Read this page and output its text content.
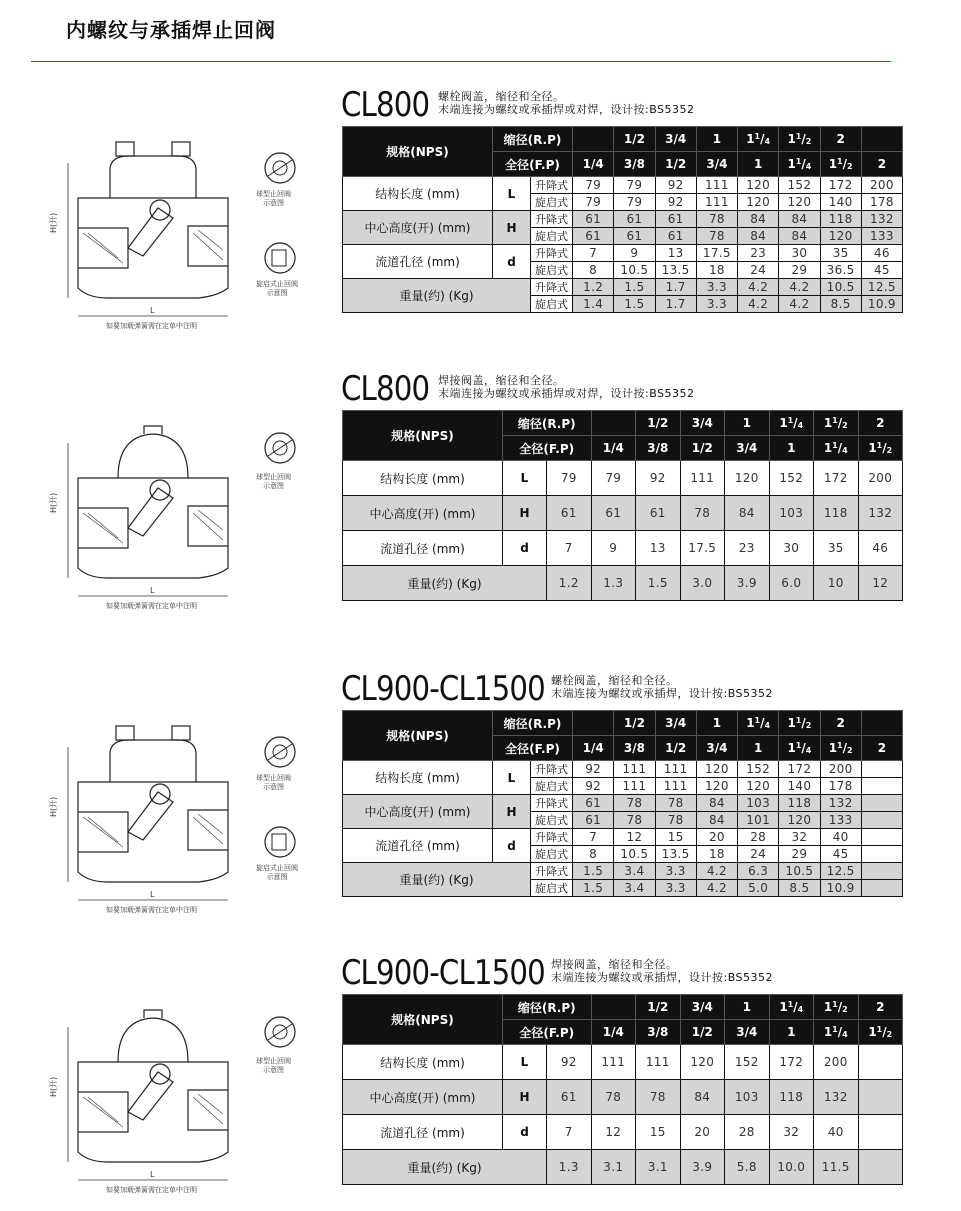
内螺纹与承插焊止回阀
CL800 螺栓阀盖，缩径和全径。
末端连接为螺纹或承插焊或对焊，设计按:BS5352
H(开)
L
球型止回阀
示意图
旋启式止回阀
示意图
如要加载弹簧需在定单中注明
规格(NPS)	缩径(R.P)			1/2	3/4	1	$1^1/_4$	$1^1/_2$	2	
	全径(F.P)		1/4	3/8	1/2	3/4	1	$1^1/_4$	$1^1/_2$	2
结构长度 (mm)	L	升降式	79	79	92	111	120	152	172	200
		旋启式	79	79	92	111	120	120	140	178
中心高度(开) (mm)	H	升降式	61	61	61	78	84	84	118	132
		旋启式	61	61	61	78	84	84	120	133
流道孔径 (mm)	d	升降式	7	9	13	17.5	23	30	35	46
		旋启式	8	10.5	13.5	18	24	29	36.5	45
重量(约) (Kg)		升降式	1.2	1.5	1.7	3.3	4.2	4.2	10.5	12.5
		旋启式	1.4	1.5	1.7	3.3	4.2	4.2	8.5	10.9
CL800 焊接阀盖，缩径和全径。
末端连接为螺纹或承插焊或对焊，设计按:BS5352
H(开)
L
球型止回阀
示意图
如要加载弹簧需在定单中注明
规格(NPS)	缩径(R.P)			1/2	3/4	1	$1^1/_4$	$1^1/_2$	2	
	全径(F.P)		1/4	3/8	1/2	3/4	1	$1^1/_4$	$1^1/_2$	
结构长度 (mm)	L	79	79	92	111	120	152	172	200	
中心高度(开) (mm)	H	61	61	61	78	84	103	118	132	
流道孔径 (mm)	d	7	9	13	17.5	23	30	35	46	
重量(约) (Kg)		1.2	1.3	1.5	3.0	3.9	6.0	10	12	
CL900-CL1500 螺栓阀盖，缩径和全径。
末端连接为螺纹或承插焊，设计按:BS5352
H(开)
L
球型止回阀
示意图
旋启式止回阀
示意图
如要加载弹簧需在定单中注明
规格(NPS)	缩径(R.P)			1/2	3/4	1	$1^1/_4$	$1^1/_2$	2	
	全径(F.P)		1/4	3/8	1/2	3/4	1	$1^1/_4$	$1^1/_2$	2
结构长度 (mm)	L	升降式	92	111	111	120	152	172	200	
		旋启式	92	111	111	120	120	140	178	
中心高度(开) (mm)	H	升降式	61	78	78	84	103	118	132	
		旋启式	61	78	78	84	101	120	133	
流道孔径 (mm)	d	升降式	7	12	15	20	28	32	40	
		旋启式	8	10.5	13.5	18	24	29	45	
重量(约) (Kg)		升降式	1.5	3.4	3.3	4.2	6.3	10.5	12.5	
		旋启式	1.5	3.4	3.3	4.2	5.0	8.5	10.9	
CL900-CL1500 焊接阀盖，缩径和全径。
末端连接为螺纹或承插焊，设计按:BS5352
H(开)
L
球型止回阀
示意图
如要加载弹簧需在定单中注明
规格(NPS)	缩径(R.P)			1/2	3/4	1	$1^1/_4$	$1^1/_2$	2	
	全径(F.P)		1/4	3/8	1/2	3/4	1	$1^1/_4$	$1^1/_2$	
结构长度 (mm)	L	92	111	111	120	152	172	200		
中心高度(开) (mm)	H	61	78	78	84	103	118	132		
流道孔径 (mm)	d	7	12	15	20	28	32	40		
重量(约) (Kg)		1.3	3.1	3.1	3.9	5.8	10.0	11.5		
